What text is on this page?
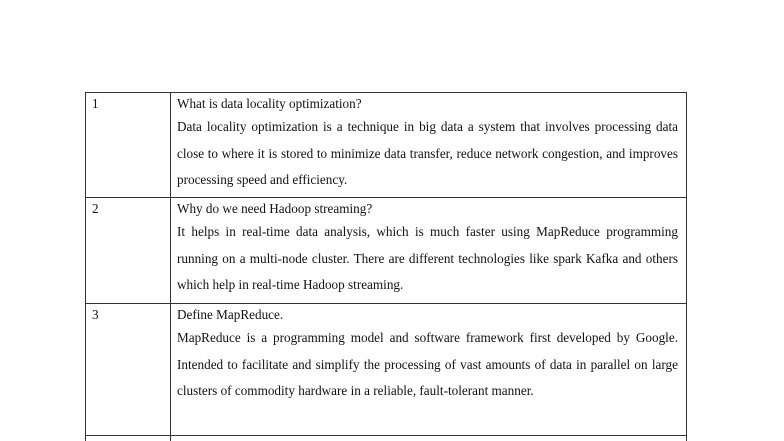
1	What is data locality optimization?
Data locality optimization is a technique in big data a system that involves processing data close to where it is stored to minimize data transfer, reduce network congestion, and improves processing speed and efficiency.

2	Why do we need Hadoop streaming?
It helps in real-time data analysis, which is much faster using MapReduce programming running on a multi-node cluster. There are different technologies like spark Kafka and others which help in real-time Hadoop streaming.

3	Define MapReduce.
MapReduce is a programming model and software framework first developed by Google. Intended to facilitate and simplify the processing of vast amounts of data in parallel on large clusters of commodity hardware in a reliable, fault-tolerant manner.
